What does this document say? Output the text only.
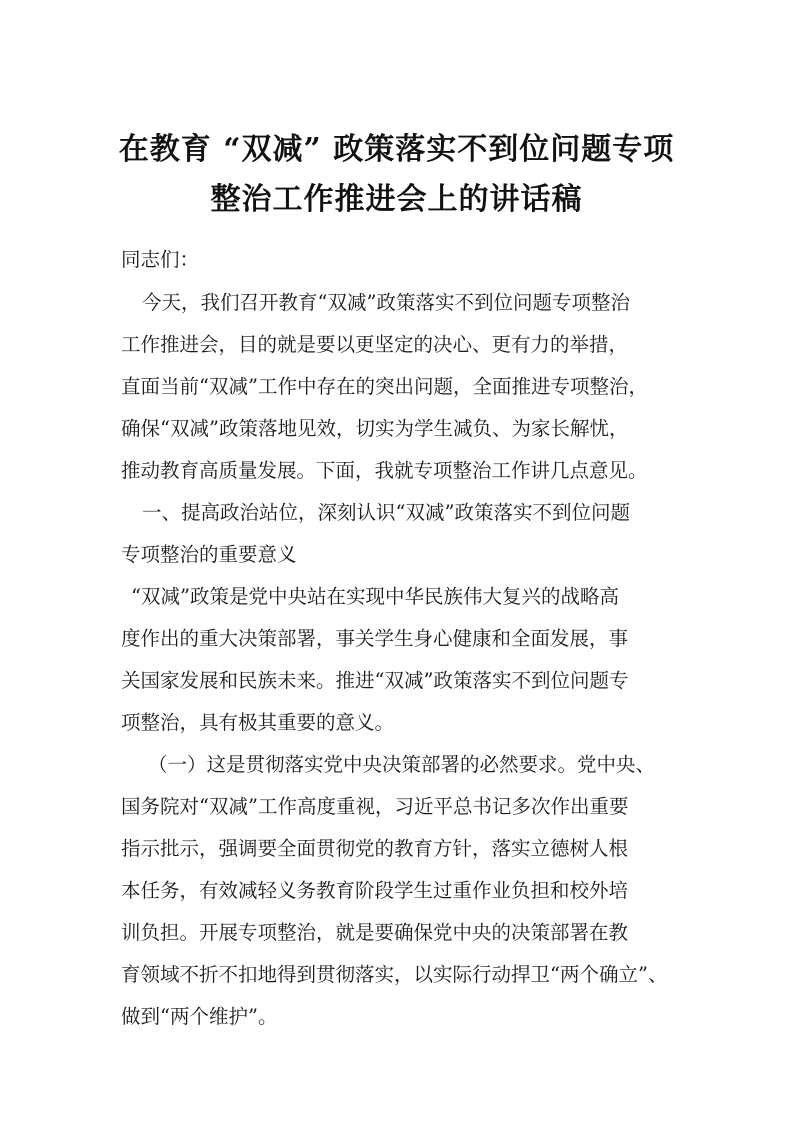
在教育 “双减” 政策落实不到位问题专项
整治工作推进会上的讲话稿
同志们：
今天，我们召开教育“双减”政策落实不到位问题专项整治
工作推进会，目的就是要以更坚定的决心、更有力的举措，
直面当前“双减”工作中存在的突出问题，全面推进专项整治，
确保“双减”政策落地见效，切实为学生减负、为家长解忧，
推动教育高质量发展。下面，我就专项整治工作讲几点意见。
一、提高政治站位，深刻认识“双减”政策落实不到位问题
专项整治的重要意义
“双减”政策是党中央站在实现中华民族伟大复兴的战略高
度作出的重大决策部署，事关学生身心健康和全面发展，事
关国家发展和民族未来。推进“双减”政策落实不到位问题专
项整治，具有极其重要的意义。
（一）这是贯彻落实党中央决策部署的必然要求。党中央、
国务院对“双减”工作高度重视，习近平总书记多次作出重要
指示批示，强调要全面贯彻党的教育方针，落实立德树人根
本任务，有效减轻义务教育阶段学生过重作业负担和校外培
训负担。开展专项整治，就是要确保党中央的决策部署在教
育领域不折不扣地得到贯彻落实，以实际行动捍卫“两个确立”、
做到“两个维护”。
